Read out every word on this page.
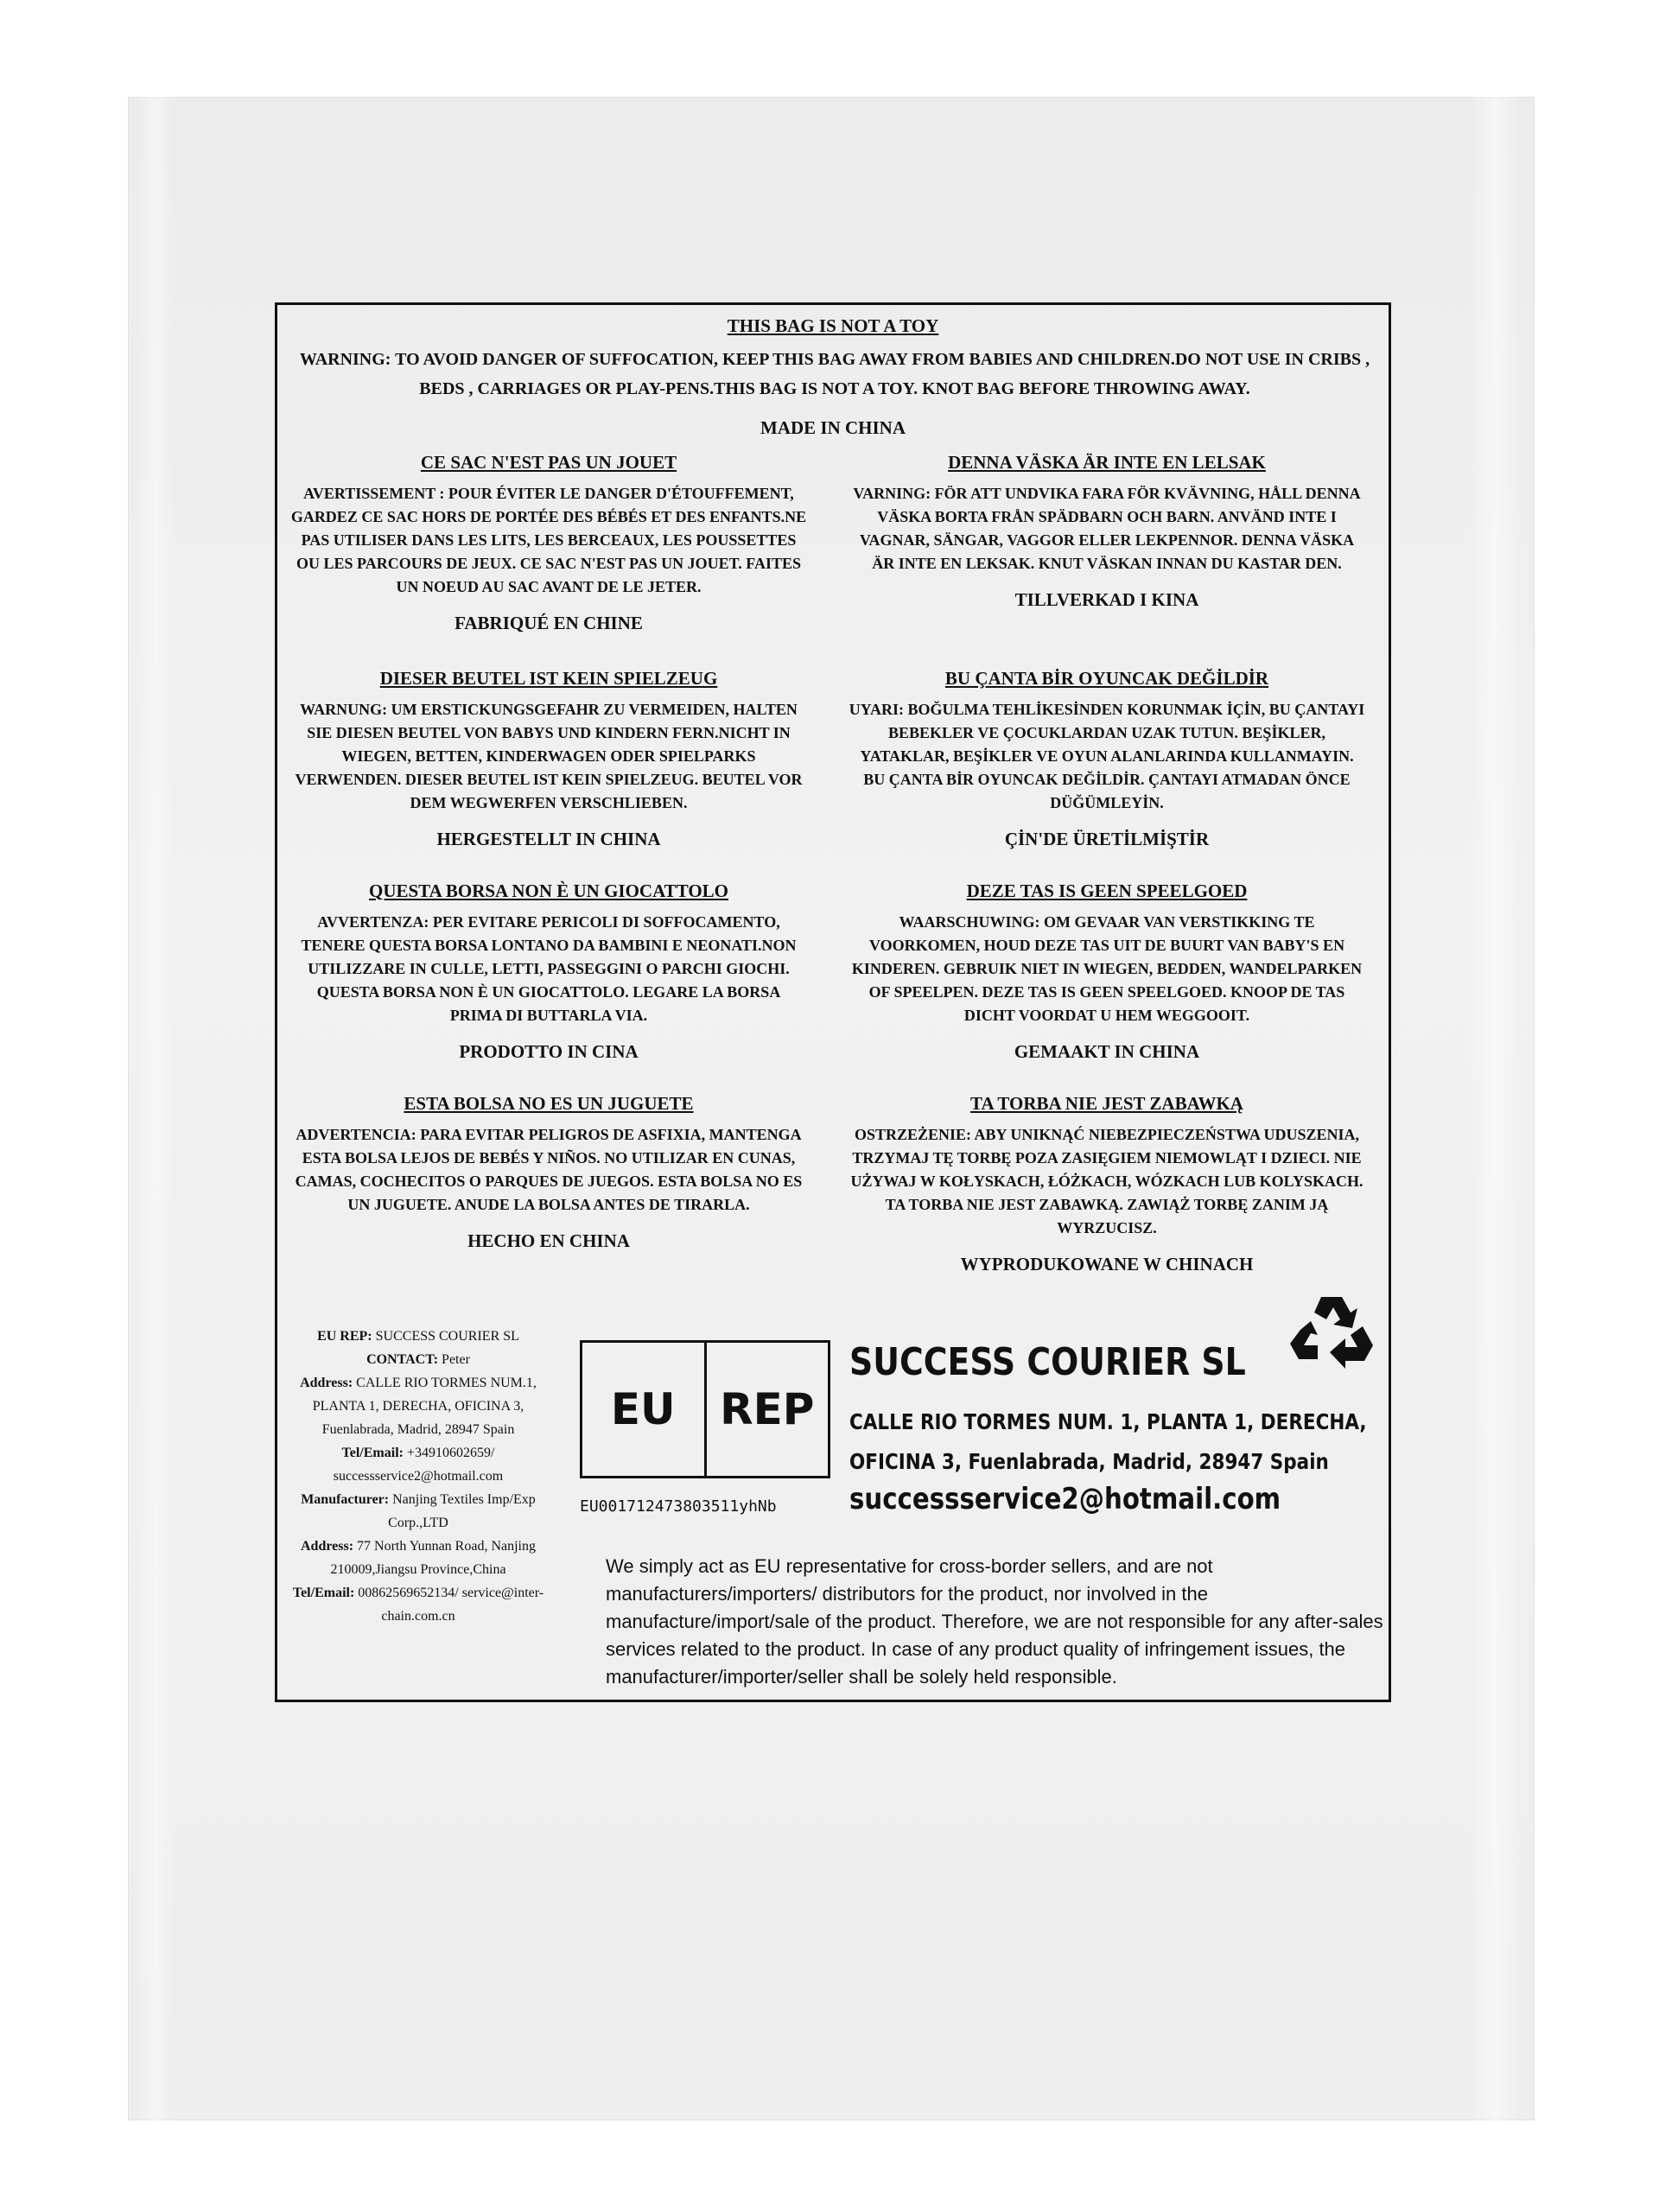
THIS BAG IS NOT A TOY
WARNING: TO AVOID DANGER OF SUFFOCATION, KEEP THIS BAG AWAY FROM BABIES AND CHILDREN.DO NOT USE IN CRIBS , BEDS , CARRIAGES OR PLAY-PENS.THIS BAG IS NOT A TOY. KNOT BAG BEFORE THROWING AWAY.
MADE IN CHINA
CE SAC N'EST PAS UN JOUET
AVERTISSEMENT : POUR ÉVITER LE DANGER D'ÉTOUFFEMENT, GARDEZ CE SAC HORS DE PORTÉE DES BÉBÉS ET DES ENFANTS.NE PAS UTILISER DANS LES LITS, LES BERCEAUX, LES POUSSETTES OU LES PARCOURS DE JEUX. CE SAC N'EST PAS UN JOUET. FAITES UN NOEUD AU SAC AVANT DE LE JETER.
FABRIQUÉ EN CHINE
DIESER BEUTEL IST KEIN SPIELZEUG
WARNUNG: UM ERSTICKUNGSGEFAHR ZU VERMEIDEN, HALTEN SIE DIESEN BEUTEL VON BABYS UND KINDERN FERN.NICHT IN WIEGEN, BETTEN, KINDERWAGEN ODER SPIELPARKS VERWENDEN. DIESER BEUTEL IST KEIN SPIELZEUG. BEUTEL VOR DEM WEGWERFEN VERSCHLIEBEN.
HERGESTELLT IN CHINA
QUESTA BORSA NON È UN GIOCATTOLO
AVVERTENZA: PER EVITARE PERICOLI DI SOFFOCAMENTO, TENERE QUESTA BORSA LONTANO DA BAMBINI E NEONATI.NON UTILIZZARE IN CULLE, LETTI, PASSEGGINI O PARCHI GIOCHI. QUESTA BORSA NON È UN GIOCATTOLO. LEGARE LA BORSA PRIMA DI BUTTARLA VIA.
PRODOTTO IN CINA
ESTA BOLSA NO ES UN JUGUETE
ADVERTENCIA: PARA EVITAR PELIGROS DE ASFIXIA, MANTENGA ESTA BOLSA LEJOS DE BEBÉS Y NIÑOS. NO UTILIZAR EN CUNAS, CAMAS, COCHECITOS O PARQUES DE JUEGOS. ESTA BOLSA NO ES UN JUGUETE. ANUDE LA BOLSA ANTES DE TIRARLA.
HECHO EN CHINA
DENNA VÄSKA ÄR INTE EN LELSAK
VARNING: FÖR ATT UNDVIKA FARA FÖR KVÄVNING, HÅLL DENNA VÄSKA BORTA FRÅN SPÄDBARN OCH BARN. ANVÄND INTE I VAGNAR, SÄNGAR, VAGGOR ELLER LEKPENNOR. DENNA VÄSKA ÄR INTE EN LEKSAK. KNUT VÄSKAN INNAN DU KASTAR DEN.
TILLVERKAD I KINA
BU ÇANTA BİR OYUNCAK DEĞİLDİR
UYARI: BOĞULMA TEHLİKESİNDEN KORUNMAK İÇİN, BU ÇANTAYI BEBEKLER VE ÇOCUKLARDAN UZAK TUTUN. BEŞİKLER, YATAKLAR, BEŞİKLER VE OYUN ALANLARINDA KULLANMAYIN. BU ÇANTA BİR OYUNCAK DEĞİLDİR. ÇANTAYI ATMADAN ÖNCE DÜĞÜMLEYİN.
ÇİN'DE ÜRETİLMİŞTİR
DEZE TAS IS GEEN SPEELGOED
WAARSCHUWING: OM GEVAAR VAN VERSTIKKING TE VOORKOMEN, HOUD DEZE TAS UIT DE BUURT VAN BABY'S EN KINDEREN. GEBRUIK NIET IN WIEGEN, BEDDEN, WANDELPARKEN OF SPEELPEN. DEZE TAS IS GEEN SPEELGOED. KNOOP DE TAS DICHT VOORDAT U HEM WEGGOOIT.
GEMAAKT IN CHINA
TA TORBA NIE JEST ZABAWKĄ
OSTRZEŻENIE: ABY UNIKNĄĆ NIEBEZPIECZEŃSTWA UDUSZENIA, TRZYMAJ TĘ TORBĘ POZA ZASIĘGIEM NIEMOWLĄT I DZIECI. NIE UŻYWAJ W KOŁYSKACH, ŁÓŻKACH, WÓZKACH LUB KOLYSKACH. TA TORBA NIE JEST ZABAWKĄ. ZAWIĄŻ TORBĘ ZANIM JĄ WYRZUCISZ.
WYPRODUKOWANE W CHINACH
EU REP: SUCCESS COURIER SL
CONTACT: Peter
Address: CALLE RIO TORMES NUM.1, PLANTA 1, DERECHA, OFICINA 3, Fuenlabrada, Madrid, 28947 Spain
Tel/Email: +34910602659/ successservice2@hotmail.com
Manufacturer: Nanjing Textiles Imp/Exp Corp.,LTD
Address: 77 North Yunnan Road, Nanjing 210009,Jiangsu Province,China
Tel/Email: 00862569652134/ service@inter-chain.com.cn
EU	REP
EU001712473803511yhNb
SUCCESS COURIER SL
CALLE RIO TORMES NUM. 1, PLANTA 1, DERECHA, OFICINA 3, Fuenlabrada, Madrid, 28947 Spain
successservice2@hotmail.com
We simply act as EU representative for cross-border sellers, and are not manufacturers/importers/ distributors for the product, nor involved in the manufacture/import/sale of the product. Therefore, we are not responsible for any after-sales services related to the product. In case of any product quality of infringement issues, the manufacturer/importer/seller shall be solely held responsible.
